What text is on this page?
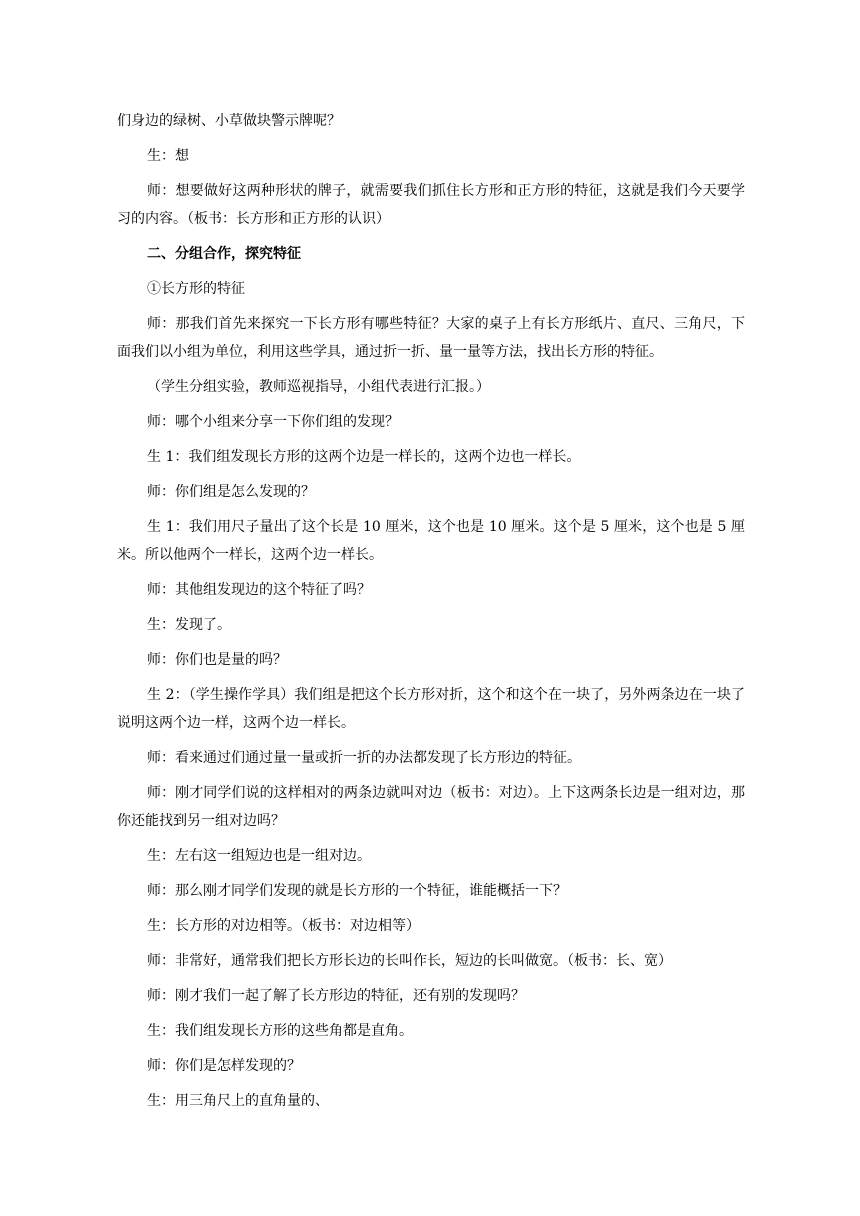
们身边的绿树、小草做块警示牌呢？

生：想

师：想要做好这两种形状的牌子，就需要我们抓住长方形和正方形的特征，这就是我们今天要学习的内容。（板书：长方形和正方形的认识）

二、分组合作，探究特征

①长方形的特征

师：那我们首先来探究一下长方形有哪些特征？大家的桌子上有长方形纸片、直尺、三角尺，下面我们以小组为单位，利用这些学具，通过折一折、量一量等方法，找出长方形的特征。

（学生分组实验，教师巡视指导，小组代表进行汇报。）

师：哪个小组来分享一下你们组的发现？

生 1：我们组发现长方形的这两个边是一样长的，这两个边也一样长。

师：你们组是怎么发现的？

生 1：我们用尺子量出了这个长是 10 厘米，这个也是 10 厘米。这个是 5 厘米，这个也是 5 厘米。所以他两个一样长，这两个边一样长。

师：其他组发现边的这个特征了吗？

生：发现了。

师：你们也是量的吗？

生 2：（学生操作学具）我们组是把这个长方形对折，这个和这个在一块了，另外两条边在一块了说明这两个边一样，这两个边一样长。

师：看来通过们通过量一量或折一折的办法都发现了长方形边的特征。

师：刚才同学们说的这样相对的两条边就叫对边（板书：对边）。上下这两条长边是一组对边，那你还能找到另一组对边吗？

生：左右这一组短边也是一组对边。

师：那么刚才同学们发现的就是长方形的一个特征，谁能概括一下？

生：长方形的对边相等。（板书：对边相等）

师：非常好，通常我们把长方形长边的长叫作长，短边的长叫做宽。（板书：长、宽）

师：刚才我们一起了解了长方形边的特征，还有别的发现吗？

生：我们组发现长方形的这些角都是直角。

师：你们是怎样发现的？

生：用三角尺上的直角量的、
